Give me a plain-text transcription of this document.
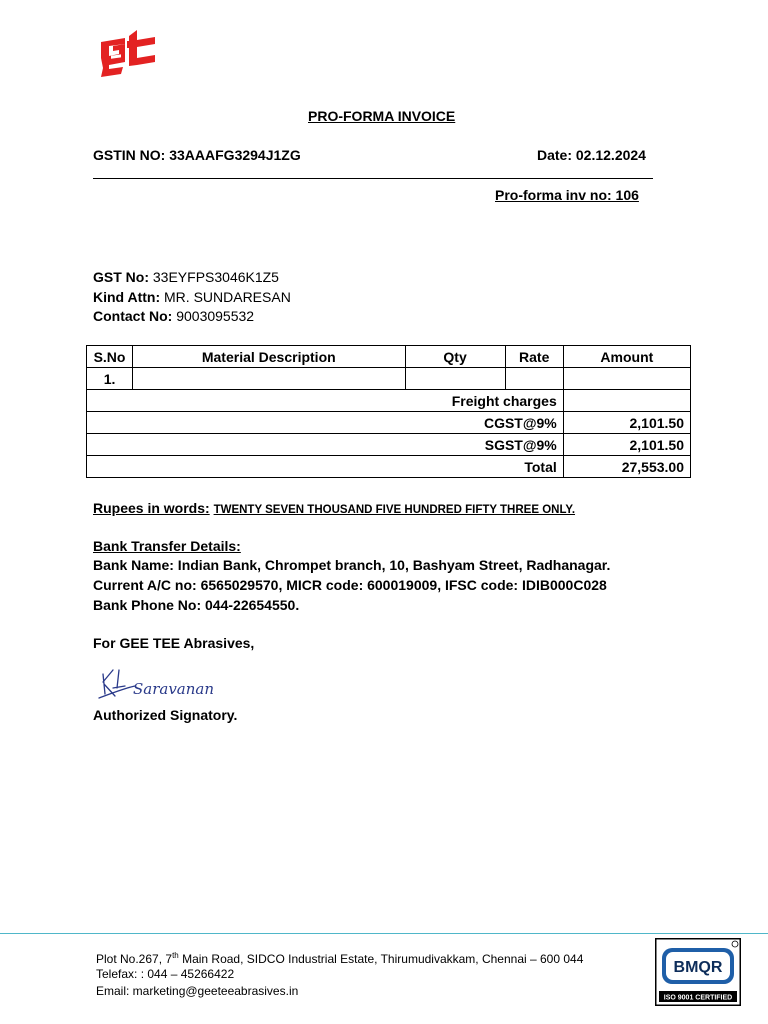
PRO-FORMA INVOICE
GSTIN NO: 33AAAFG3294J1ZG	Date: 02.12.2024
Pro-forma inv no: 106
GST No: 33EYFPS3046K1Z5
Kind Attn: MR. SUNDARESAN
Contact No: 9003095532
S.No	Material Description	Qty	Rate	Amount
1.				
Freight charges				
CGST@9%				2,101.50
SGST@9%				2,101.50
Total				27,553.00
Rupees in words: TWENTY SEVEN THOUSAND FIVE HUNDRED FIFTY THREE ONLY.
Bank Transfer Details:
Bank Name: Indian Bank, Chrompet branch, 10, Bashyam Street, Radhanagar.
Current A/C no: 6565029570, MICR code: 600019009, IFSC code: IDIB000C028
Bank Phone No: 044-22654550.
For GEE TEE Abrasives,
Saravanan
Authorized Signatory.
Plot No.267, 7th Main Road, SIDCO Industrial Estate, Thirumudivakkam, Chennai – 600 044
Telefax: : 044 – 45266422
Email: marketing@geeteeabrasives.in
BMQR
ISO 9001 CERTIFIED
